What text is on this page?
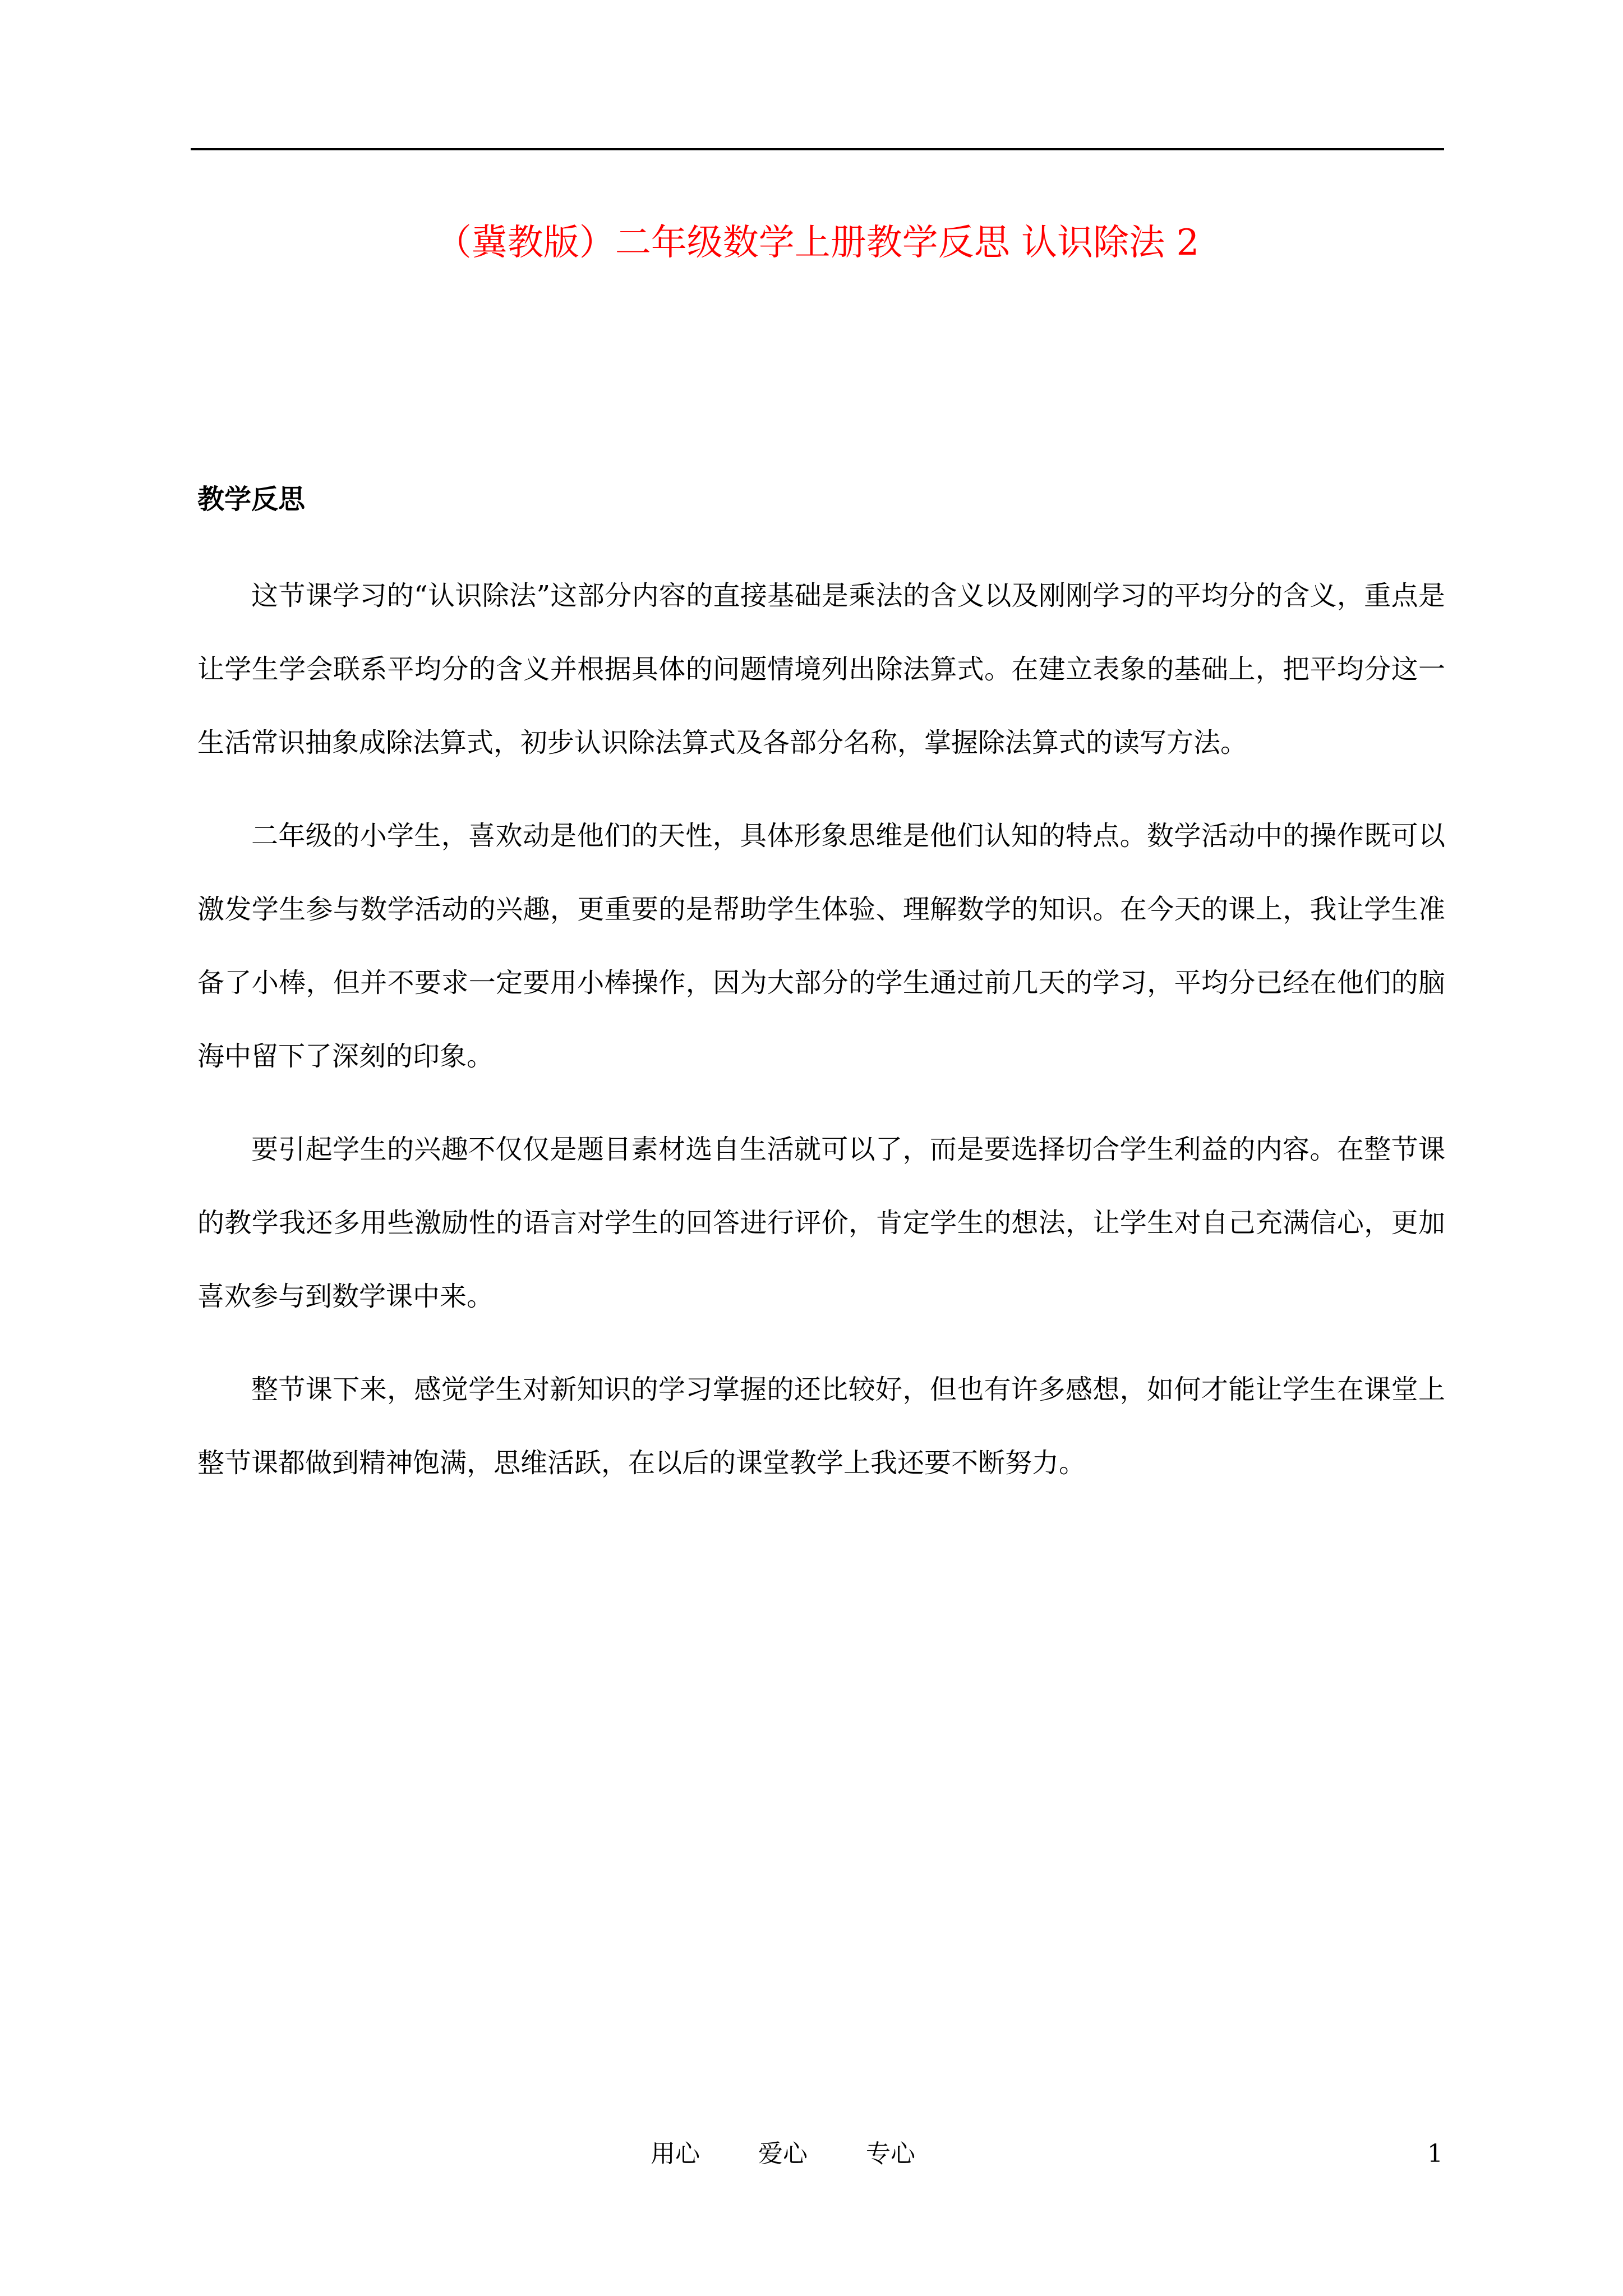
（冀教版）二年级数学上册教学反思 认识除法 2
教学反思

这节课学习的“认识除法”这部分内容的直接基础是乘法的含义以及刚刚学习的平均分的含义，重点是让学生学会联系平均分的含义并根据具体的问题情境列出除法算式。在建立表象的基础上，把平均分这一生活常识抽象成除法算式，初步认识除法算式及各部分名称，掌握除法算式的读写方法。

二年级的小学生，喜欢动是他们的天性，具体形象思维是他们认知的特点。数学活动中的操作既可以激发学生参与数学活动的兴趣，更重要的是帮助学生体验、理解数学的知识。在今天的课上，我让学生准备了小棒，但并不要求一定要用小棒操作，因为大部分的学生通过前几天的学习，平均分已经在他们的脑海中留下了深刻的印象。

要引起学生的兴趣不仅仅是题目素材选自生活就可以了，而是要选择切合学生利益的内容。在整节课的教学我还多用些激励性的语言对学生的回答进行评价，肯定学生的想法，让学生对自己充满信心，更加喜欢参与到数学课中来。

整节课下来，感觉学生对新知识的学习掌握的还比较好，但也有许多感想，如何才能让学生在课堂上整节课都做到精神饱满，思维活跃，在以后的课堂教学上我还要不断努力。

用心 爱心 专心	1
